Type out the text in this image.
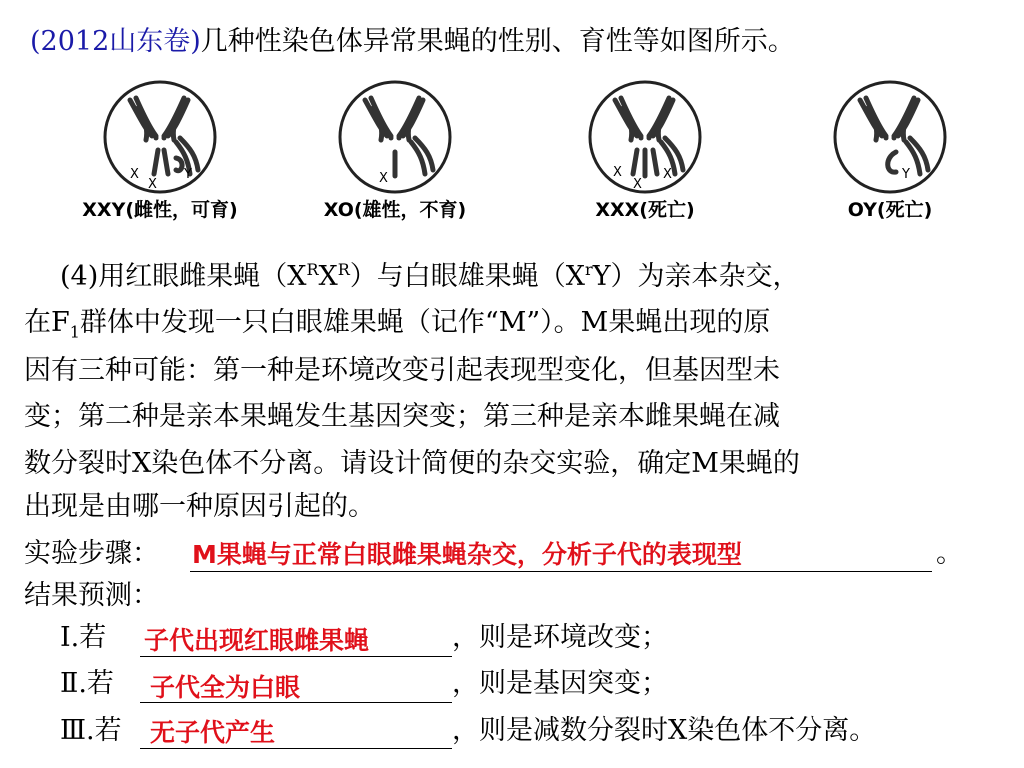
(2012山东卷)几种性染色体异常果蝇的性别、育性等如图所示。
X
X
Y
XXY(雌性，可育)
X
XO(雄性，不育)
X
X
X
XXX(死亡)
Y
OY(死亡)
(4)用红眼雌果蝇$(X^RX^R)$与白眼雄果蝇$(X^rY)$为亲本杂交，
在$F_1$群体中发现一只白眼雄果蝇（记作“M”）。M果蝇出现的原
因有三种可能：第一种是环境改变引起表现型变化，但基因型未
变；第二种是亲本果蝇发生基因突变；第三种是亲本雌果蝇在减
数分裂时X染色体不分离。请设计简便的杂交实验，确定M果蝇的
出现是由哪一种原因引起的。
实验步骤： M果蝇与正常白眼雌果蝇杂交，分析子代的表现型	。
结果预测：
Ⅰ.若 子代出现红眼雌果蝇	，则是环境改变；
Ⅱ.若 子代全为白眼	，则是基因突变；
Ⅲ.若 无子代产生	，则是减数分裂时X染色体不分离。
